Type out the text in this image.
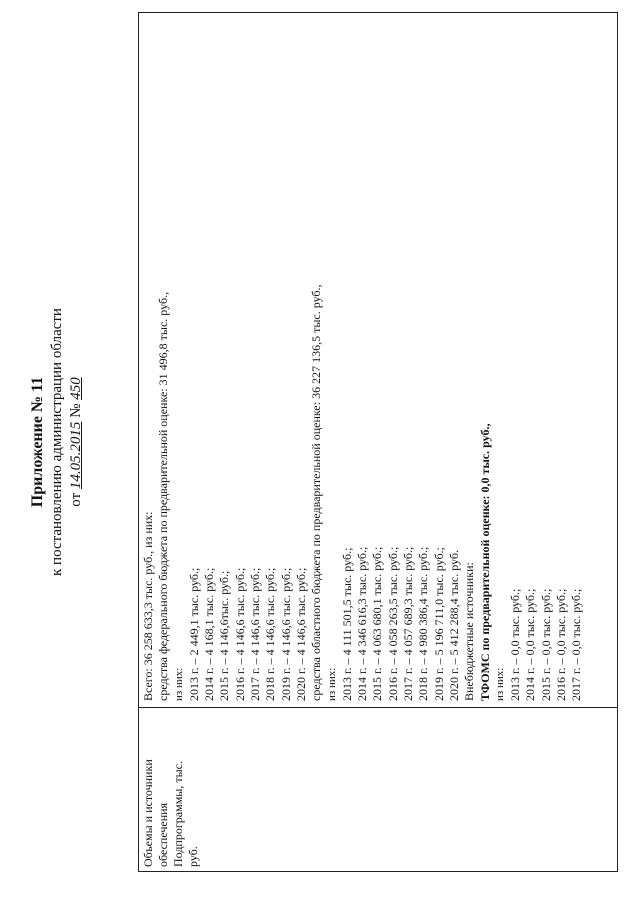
Приложение № 11 к постановлению администрации области от 14.05.2015 № 450
Объемы и источники обеспечения Подпрограммы, тыс. руб.
Всего: 36 258 633,3 тыс. руб., из них: средства федерального бюджета по предварительной оценке: 31 496,8 тыс. руб., из них: 2013 г. – 2 449,1 тыс. руб.; 2014 г. – 4 168,1 тыс. руб.; 2015 г. – 4 146,6тыс. руб.; 2016 г. – 4 146,6 тыс. руб.; 2017 г. – 4 146,6 тыс. руб.; 2018 г. – 4 146,6 тыс. руб.; 2019 г. – 4 146,6 тыс. руб.; 2020 г. – 4 146,6 тыс. руб.; средства областного бюджета по предварительной оценке: 36 227 136,5 тыс. руб., из них: 2013 г. – 4 111 501,5 тыс. руб.; 2014 г. – 4 346 616,3 тыс. руб.; 2015 г. – 4 063 680,1 тыс. руб.; 2016 г. – 4 058 263,5 тыс. руб.; 2017 г. – 4 057 689,3 тыс. руб.; 2018 г. – 4 980 386,4 тыс. руб.; 2019 г. – 5 196 711,0 тыс. руб.; 2020 г. – 5 412 288,4 тыс. руб. Внебюджетные источники: ТФОМС по предварительной оценке: 0,0 тыс. руб., из них: 2013 г. – 0,0 тыс. руб.; 2014 г. – 0,0 тыс. руб.; 2015 г. – 0,0 тыс. руб.; 2016 г. – 0,0 тыс. руб.; 2017 г. – 0,0 тыс. руб.;
